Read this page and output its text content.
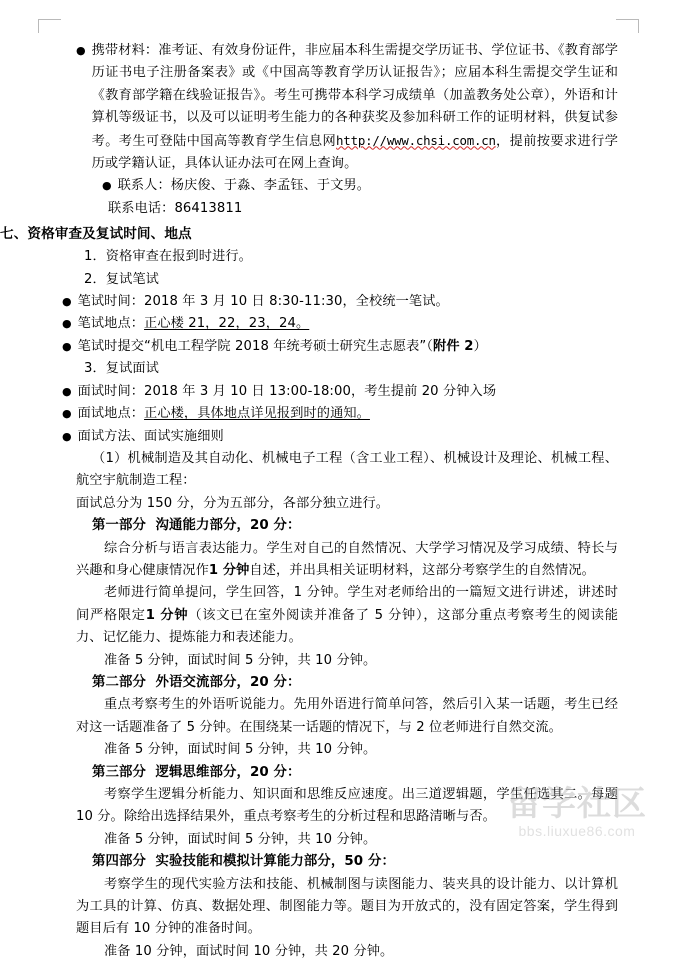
● 携带材料：准考证、有效身份证件，非应届本科生需提交学历证书、学位证书、《教育部学历证书电子注册备案表》或《中国高等教育学历认证报告》；应届本科生需提交学生证和《教育部学籍在线验证报告》。考生可携带本科学习成绩单（加盖教务处公章），外语和计算机等级证书，以及可以证明考生能力的各种获奖及参加科研工作的证明材料，供复试参考。考生可登陆中国高等教育学生信息网http://www.chsi.com.cn，提前按要求进行学历或学籍认证，具体认证办法可在网上查询。

● 联系人：杨庆俊、于淼、李孟钰、于文男。

联系电话：86413811

七、资格审查及复试时间、地点

1．资格审查在报到时进行。

2．复试笔试

● 笔试时间：2018 年 3 月 10 日 8:30-11:30，全校统一笔试。

● 笔试地点：正心楼 21，22，23，24。

● 笔试时提交“机电工程学院 2018 年统考硕士研究生志愿表”（附件 2）

3．复试面试

● 面试时间：2018 年 3 月 10 日 13:00-18:00，考生提前 20 分钟入场

● 面试地点：正心楼，具体地点详见报到时的通知。

● 面试方法、面试实施细则

（1）机械制造及其自动化、机械电子工程（含工业工程）、机械设计及理论、机械工程、航空宇航制造工程：

面试总分为 150 分，分为五部分，各部分独立进行。

第一部分 沟通能力部分，20 分：

综合分析与语言表达能力。学生对自己的自然情况、大学学习情况及学习成绩、特长与兴趣和身心健康情况作1 分钟自述，并出具相关证明材料，这部分考察学生的自然情况。

老师进行简单提问，学生回答，1 分钟。学生对老师给出的一篇短文进行讲述，讲述时间严格限定1 分钟（该文已在室外阅读并准备了 5 分钟），这部分重点考察考生的阅读能力、记忆能力、提炼能力和表述能力。

准备 5 分钟，面试时间 5 分钟，共 10 分钟。

第二部分 外语交流部分，20 分：

重点考察考生的外语听说能力。先用外语进行简单问答，然后引入某一话题，考生已经对这一话题准备了 5 分钟。在围绕某一话题的情况下，与 2 位老师进行自然交流。

准备 5 分钟，面试时间 5 分钟，共 10 分钟。

第三部分 逻辑思维部分，20 分：

考察学生逻辑分析能力、知识面和思维反应速度。出三道逻辑题，学生任选其二。每题 10 分。除给出选择结果外，重点考察考生的分析过程和思路清晰与否。

准备 5 分钟，面试时间 5 分钟，共 10 分钟。

第四部分 实验技能和模拟计算能力部分，50 分：

考察学生的现代实验方法和技能、机械制图与读图能力、装夹具的设计能力、以计算机为工具的计算、仿真、数据处理、制图能力等。题目为开放式的，没有固定答案，学生得到题目后有 10 分钟的准备时间。

准备 10 分钟，面试时间 10 分钟，共 20 分钟。

留学社区
bbs.liuxue86.com
